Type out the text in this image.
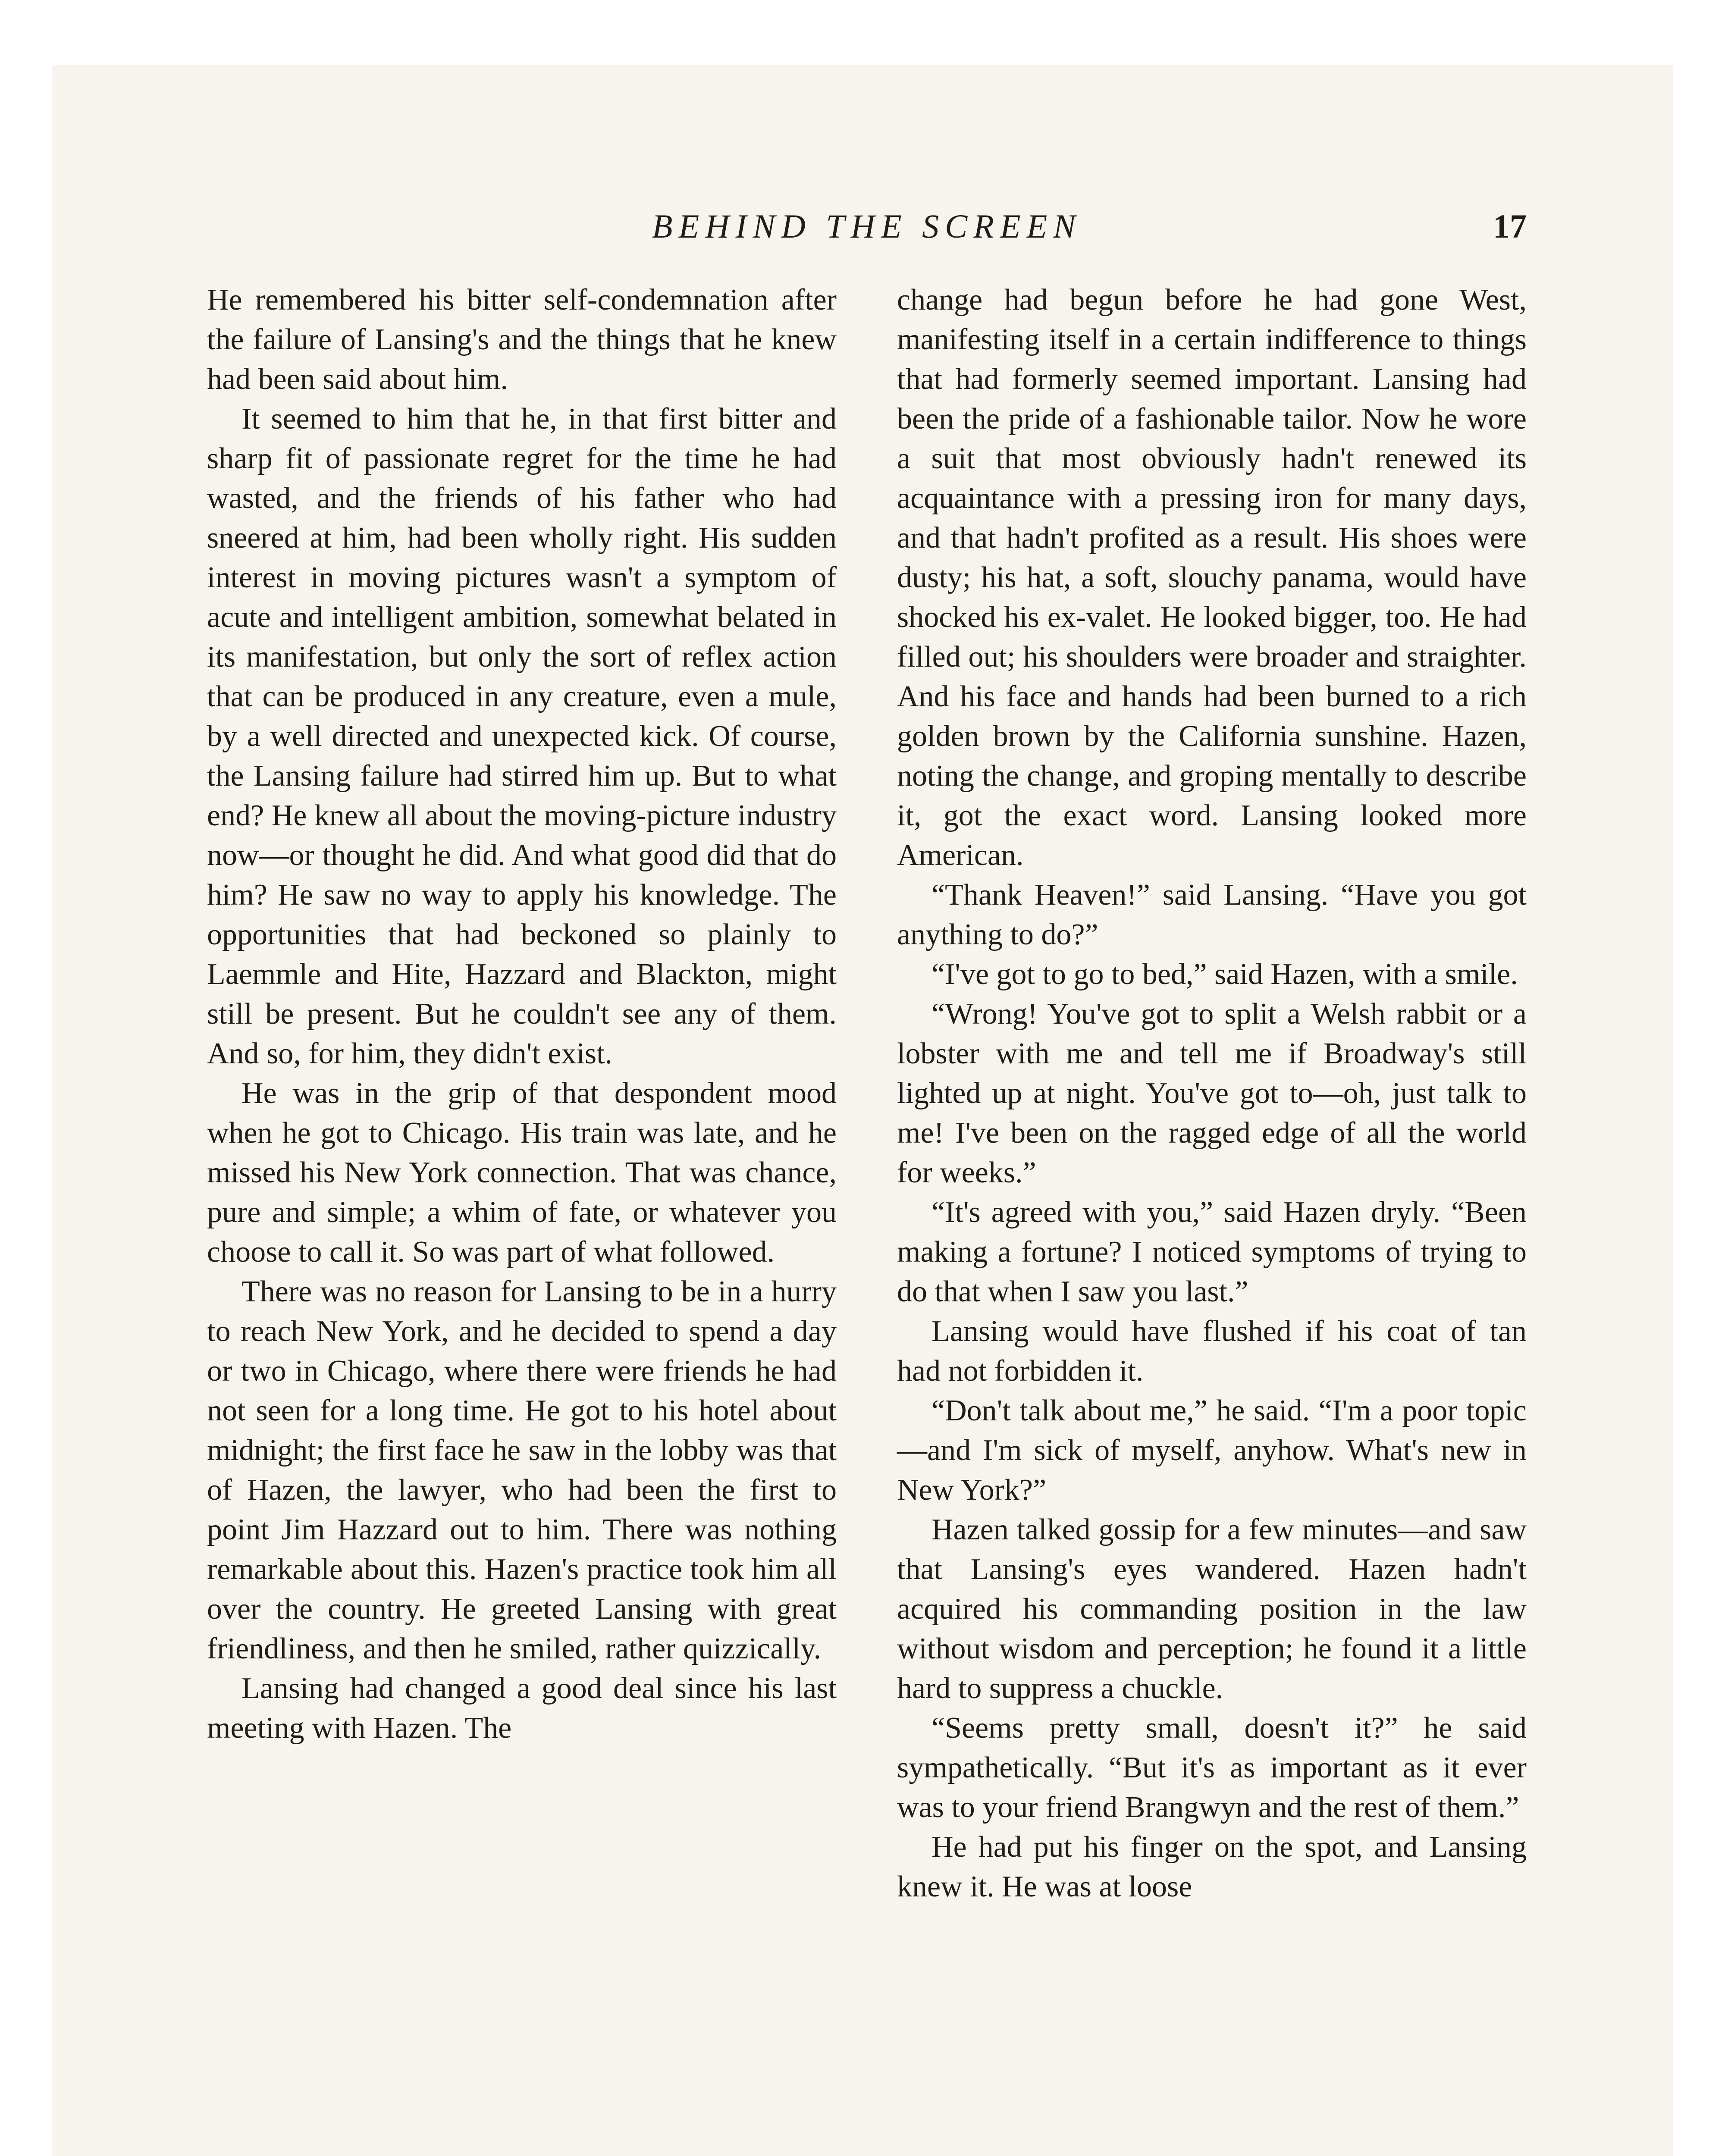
BEHIND THE SCREEN	17

He remembered his bitter self-condemnation after the failure of Lansing's and the things that he knew had been said about him.

It seemed to him that he, in that first bitter and sharp fit of passionate regret for the time he had wasted, and the friends of his father who had sneered at him, had been wholly right. His sudden interest in moving pictures wasn't a symptom of acute and intelligent ambition, somewhat belated in its manifestation, but only the sort of reflex action that can be produced in any creature, even a mule, by a well directed and unexpected kick. Of course, the Lansing failure had stirred him up. But to what end? He knew all about the moving-picture industry now—or thought he did. And what good did that do him? He saw no way to apply his knowledge. The opportunities that had beckoned so plainly to Laemmle and Hite, Hazzard and Blackton, might still be present. But he couldn't see any of them. And so, for him, they didn't exist.

He was in the grip of that despondent mood when he got to Chicago. His train was late, and he missed his New York connection. That was chance, pure and simple; a whim of fate, or whatever you choose to call it. So was part of what followed.

There was no reason for Lansing to be in a hurry to reach New York, and he decided to spend a day or two in Chicago, where there were friends he had not seen for a long time. He got to his hotel about midnight; the first face he saw in the lobby was that of Hazen, the lawyer, who had been the first to point Jim Hazzard out to him. There was nothing remarkable about this. Hazen's practice took him all over the country. He greeted Lansing with great friendliness, and then he smiled, rather quizzically.

Lansing had changed a good deal since his last meeting with Hazen. The

change had begun before he had gone West, manifesting itself in a certain indifference to things that had formerly seemed important. Lansing had been the pride of a fashionable tailor. Now he wore a suit that most obviously hadn't renewed its acquaintance with a pressing iron for many days, and that hadn't profited as a result. His shoes were dusty; his hat, a soft, slouchy panama, would have shocked his ex-valet. He looked bigger, too. He had filled out; his shoulders were broader and straighter. And his face and hands had been burned to a rich golden brown by the California sunshine. Hazen, noting the change, and groping mentally to describe it, got the exact word. Lansing looked more American.

“Thank Heaven!” said Lansing. “Have you got anything to do?”

“I've got to go to bed,” said Hazen, with a smile.

“Wrong! You've got to split a Welsh rabbit or a lobster with me and tell me if Broadway's still lighted up at night. You've got to—oh, just talk to me! I've been on the ragged edge of all the world for weeks.”

“It's agreed with you,” said Hazen dryly. “Been making a fortune? I noticed symptoms of trying to do that when I saw you last.”

Lansing would have flushed if his coat of tan had not forbidden it.

“Don't talk about me,” he said. “I'm a poor topic—and I'm sick of myself, anyhow. What's new in New York?”

Hazen talked gossip for a few minutes—and saw that Lansing's eyes wandered. Hazen hadn't acquired his commanding position in the law without wisdom and perception; he found it a little hard to suppress a chuckle.

“Seems pretty small, doesn't it?” he said sympathetically. “But it's as important as it ever was to your friend Brangwyn and the rest of them.”

He had put his finger on the spot, and Lansing knew it. He was at loose
